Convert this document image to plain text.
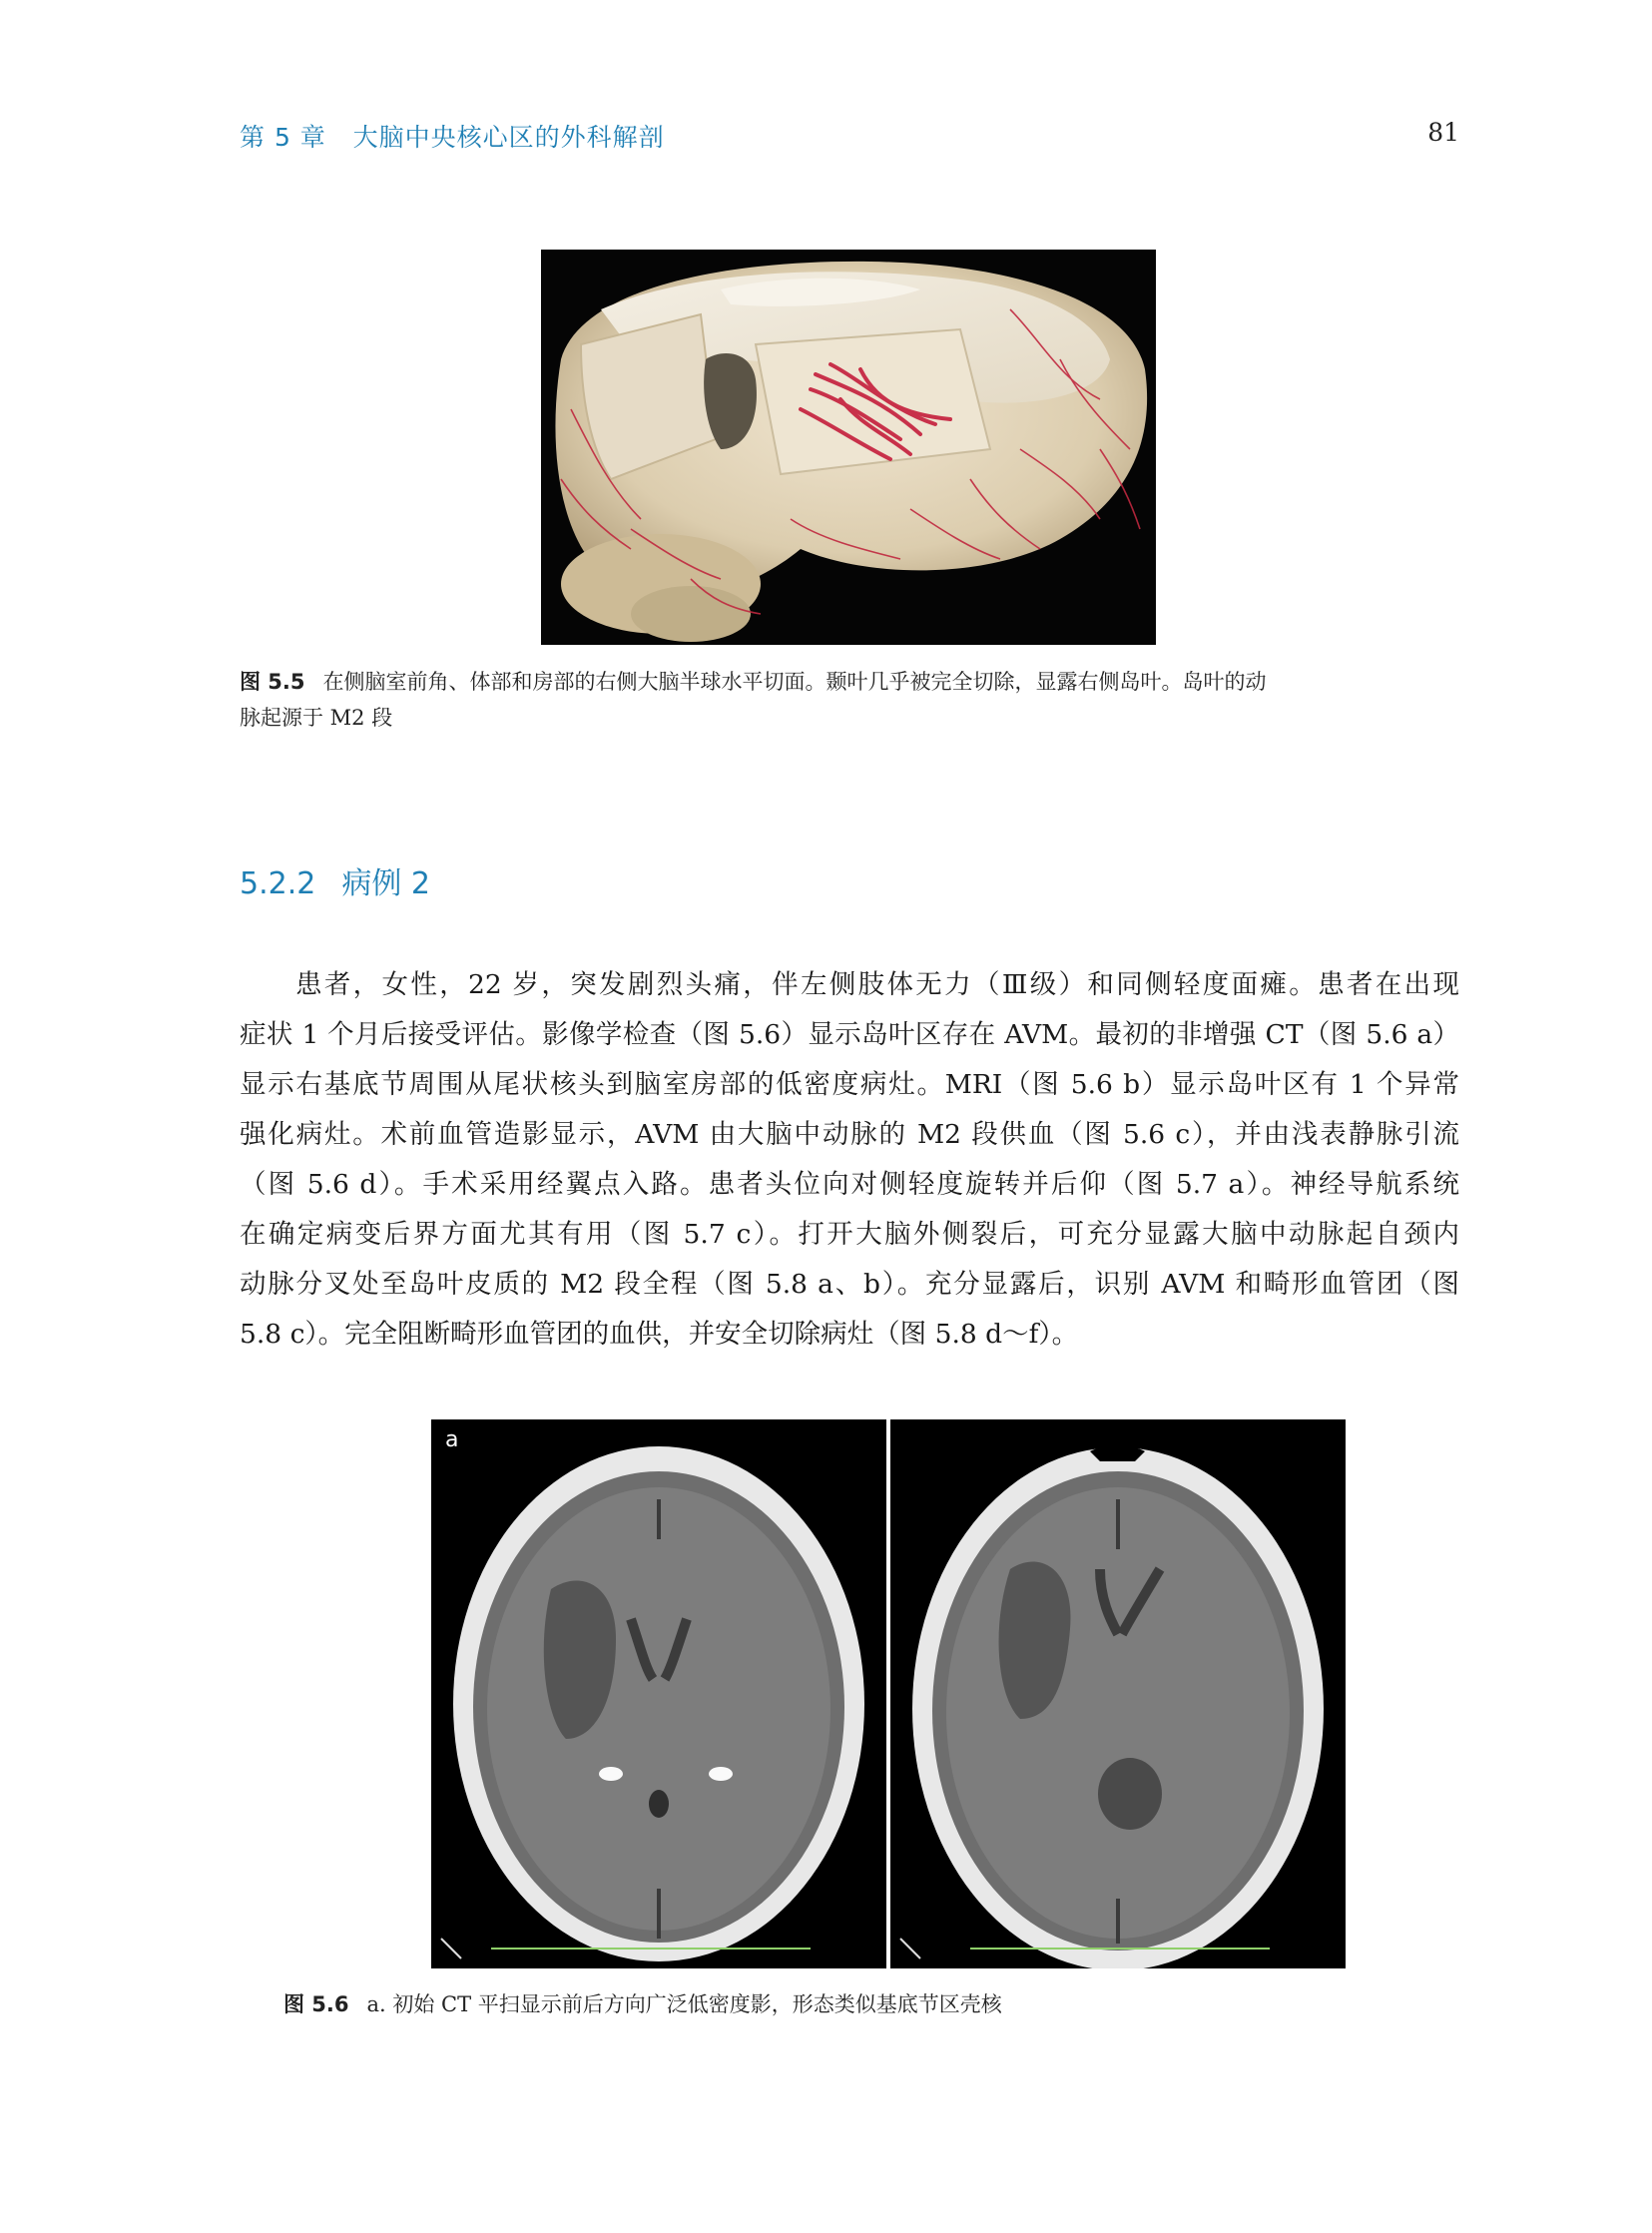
第 5 章   大脑中央核心区的外科解剖	81
图 5.5 在侧脑室前角、体部和房部的右侧大脑半球水平切面。颞叶几乎被完全切除，显露右侧岛叶。岛叶的动
脉起源于 M2 段
5.2.2 病例 2
患者，女性，22 岁，突发剧烈头痛，伴左侧肢体无力（Ⅲ级）和同侧轻度面瘫。患者在出现
症状 1 个月后接受评估。影像学检查（图 5.6）显示岛叶区存在 AVM。最初的非增强 CT（图 5.6 a）
显示右基底节周围从尾状核头到脑室房部的低密度病灶。MRI（图 5.6 b）显示岛叶区有 1 个异常
强化病灶。术前血管造影显示，AVM 由大脑中动脉的 M2 段供血（图 5.6 c），并由浅表静脉引流
（图 5.6 d）。手术采用经翼点入路。患者头位向对侧轻度旋转并后仰（图 5.7 a）。神经导航系统
在确定病变后界方面尤其有用（图 5.7 c）。打开大脑外侧裂后，可充分显露大脑中动脉起自颈内
动脉分叉处至岛叶皮质的 M2 段全程（图 5.8 a、b）。充分显露后，识别 AVM 和畸形血管团（图
5.8 c）。完全阻断畸形血管团的血供，并安全切除病灶（图 5.8 d～f）。
a
图 5.6 a. 初始 CT 平扫显示前后方向广泛低密度影，形态类似基底节区壳核
